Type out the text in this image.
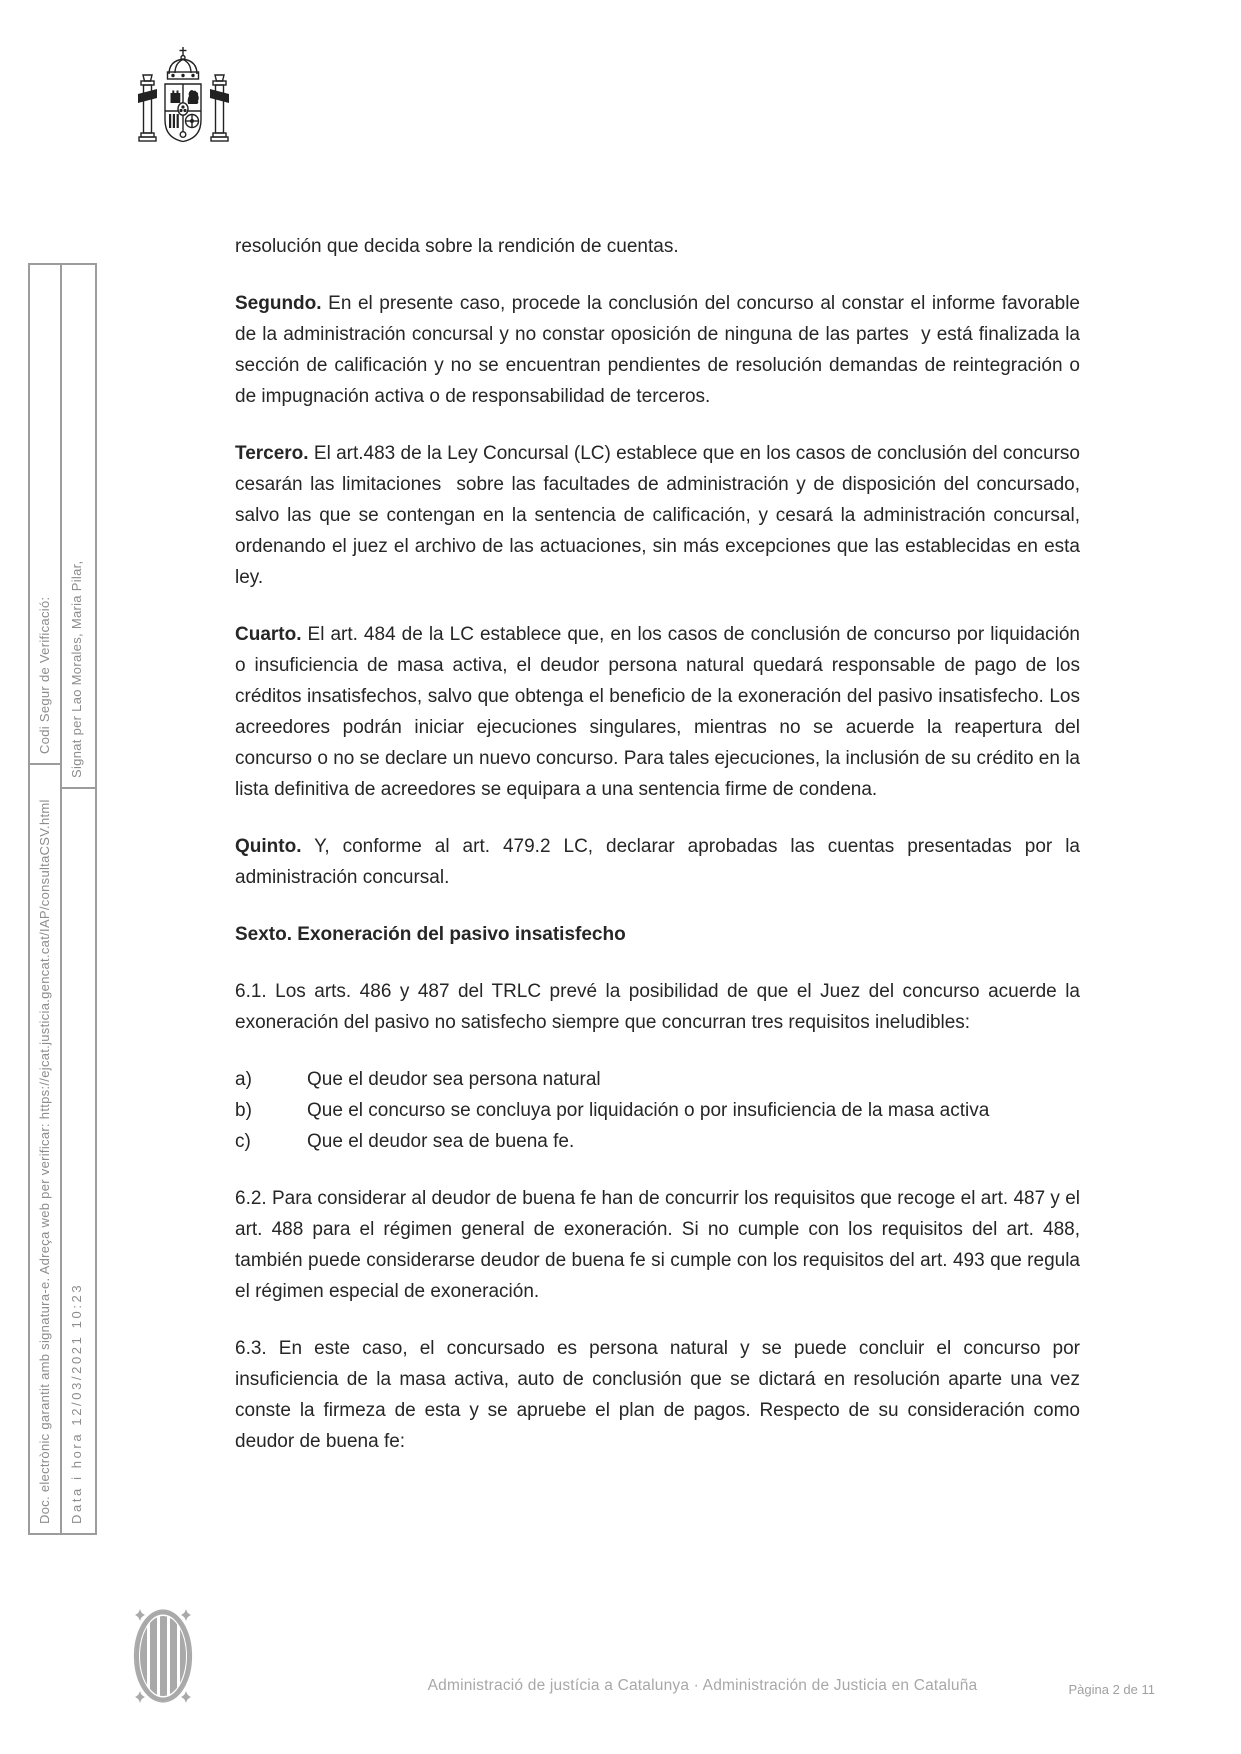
Codi Segur de Verificació:
Doc. electrònic garantit amb signatura-e. Adreça web per verificar: https://ejcat.justicia.gencat.cat/IAP/consultaCSV.html
Signat per Lao Morales, Maria Pilar,
Data i hora 12/03/2021 10:23

resolución que decida sobre la rendición de cuentas.

Segundo. En el presente caso, procede la conclusión del concurso al constar el informe favorable de la administración concursal y no constar oposición de ninguna de las partes  y está finalizada la sección de calificación y no se encuentran pendientes de resolución demandas de reintegración o de impugnación activa o de responsabilidad de terceros.

Tercero. El art.483 de la Ley Concursal (LC) establece que en los casos de conclusión del concurso cesarán las limitaciones  sobre las facultades de administración y de disposición del concursado, salvo las que se contengan en la sentencia de calificación, y cesará la administración concursal, ordenando el juez el archivo de las actuaciones, sin más excepciones que las establecidas en esta ley.

Cuarto. El art. 484 de la LC establece que, en los casos de conclusión de concurso por liquidación o insuficiencia de masa activa, el deudor persona natural quedará responsable de pago de los créditos insatisfechos, salvo que obtenga el beneficio de la exoneración del pasivo insatisfecho. Los acreedores podrán iniciar ejecuciones singulares, mientras no se acuerde la reapertura del concurso o no se declare un nuevo concurso. Para tales ejecuciones, la inclusión de su crédito en la lista definitiva de acreedores se equipara a una sentencia firme de condena.

Quinto. Y, conforme al art. 479.2 LC, declarar aprobadas las cuentas presentadas por la administración concursal.

Sexto. Exoneración del pasivo insatisfecho

6.1. Los arts. 486 y 487 del TRLC prevé la posibilidad de que el Juez del concurso acuerde la exoneración del pasivo no satisfecho siempre que concurran tres requisitos ineludibles:

a)	Que el deudor sea persona natural
b)	Que el concurso se concluya por liquidación o por insuficiencia de la masa activa
c)	Que el deudor sea de buena fe.

6.2. Para considerar al deudor de buena fe han de concurrir los requisitos que recoge el art. 487 y el art. 488 para el régimen general de exoneración. Si no cumple con los requisitos del art. 488, también puede considerarse deudor de buena fe si cumple con los requisitos del art. 493 que regula el régimen especial de exoneración.

6.3. En este caso, el concursado es persona natural y se puede concluir el concurso por insuficiencia de la masa activa, auto de conclusión que se dictará en resolución aparte una vez conste la firmeza de esta y se apruebe el plan de pagos. Respecto de su consideración como deudor de buena fe:

Administració de justícia a Catalunya · Administración de Justicia en Cataluña	Pàgina 2 de 11
